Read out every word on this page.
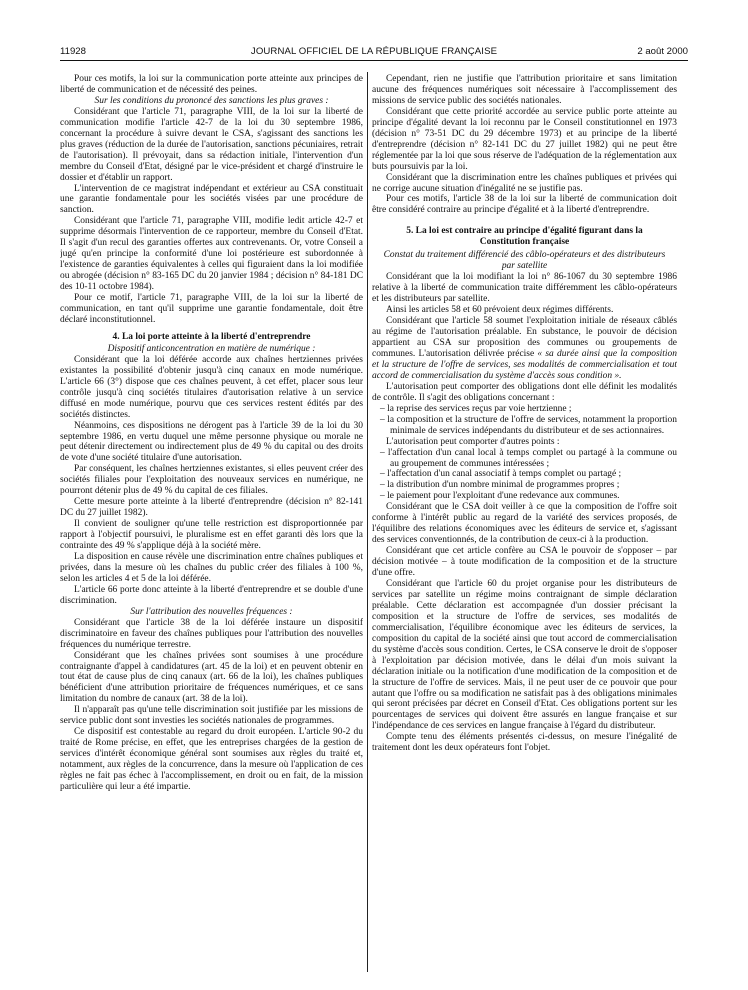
11928	JOURNAL OFFICIEL DE LA RÉPUBLIQUE FRANÇAISE	2 août 2000

Pour ces motifs, la loi sur la communication porte atteinte aux principes de liberté de communication et de nécessité des peines.

Sur les conditions du prononcé des sanctions les plus graves :

Considérant que l'article 71, paragraphe VIII, de la loi sur la liberté de communication modifie l'article 42-7 de la loi du 30 septembre 1986, concernant la procédure à suivre devant le CSA, s'agissant des sanctions les plus graves (réduction de la durée de l'autorisation, sanctions pécuniaires, retrait de l'autorisation). Il prévoyait, dans sa rédaction initiale, l'intervention d'un membre du Conseil d'Etat, désigné par le vice-président et chargé d'instruire le dossier et d'établir un rapport.

L'intervention de ce magistrat indépendant et extérieur au CSA constituait une garantie fondamentale pour les sociétés visées par une procédure de sanction.

Considérant que l'article 71, paragraphe VIII, modifie ledit article 42-7 et supprime désormais l'intervention de ce rapporteur, membre du Conseil d'Etat. Il s'agit d'un recul des garanties offertes aux contrevenants. Or, votre Conseil a jugé qu'en principe la conformité d'une loi postérieure est subordonnée à l'existence de garanties équivalentes à celles qui figuraient dans la loi modifiée ou abrogée (décision n° 83-165 DC du 20 janvier 1984 ; décision n° 84-181 DC des 10-11 octobre 1984).

Pour ce motif, l'article 71, paragraphe VIII, de la loi sur la liberté de communication, en tant qu'il supprime une garantie fondamentale, doit être déclaré inconstitutionnel.

4. La loi porte atteinte à la liberté d'entreprendre

Dispositif anticoncentration en matière de numérique :

Considérant que la loi déférée accorde aux chaînes hertziennes privées existantes la possibilité d'obtenir jusqu'à cinq canaux en mode numérique. L'article 66 (3°) dispose que ces chaînes peuvent, à cet effet, placer sous leur contrôle jusqu'à cinq sociétés titulaires d'autorisation relative à un service diffusé en mode numérique, pourvu que ces services restent édités par des sociétés distinctes.

Néanmoins, ces dispositions ne dérogent pas à l'article 39 de la loi du 30 septembre 1986, en vertu duquel une même personne physique ou morale ne peut détenir directement ou indirectement plus de 49 % du capital ou des droits de vote d'une société titulaire d'une autorisation.

Par conséquent, les chaînes hertziennes existantes, si elles peuvent créer des sociétés filiales pour l'exploitation des nouveaux services en numérique, ne pourront détenir plus de 49 % du capital de ces filiales.

Cette mesure porte atteinte à la liberté d'entreprendre (décision n° 82-141 DC du 27 juillet 1982).

Il convient de souligner qu'une telle restriction est disproportionnée par rapport à l'objectif poursuivi, le pluralisme est en effet garanti dès lors que la contrainte des 49 % s'applique déjà à la société mère.

La disposition en cause révèle une discrimination entre chaînes publiques et privées, dans la mesure où les chaînes du public créer des filiales à 100 %, selon les articles 4 et 5 de la loi déférée.

L'article 66 porte donc atteinte à la liberté d'entreprendre et se double d'une discrimination.

Sur l'attribution des nouvelles fréquences :

Considérant que l'article 38 de la loi déférée instaure un dispositif discriminatoire en faveur des chaînes publiques pour l'attribution des nouvelles fréquences du numérique terrestre.

Considérant que les chaînes privées sont soumises à une procédure contraignante d'appel à candidatures (art. 45 de la loi) et en peuvent obtenir en tout état de cause plus de cinq canaux (art. 66 de la loi), les chaînes publiques bénéficient d'une attribution prioritaire de fréquences numériques, et ce sans limitation du nombre de canaux (art. 38 de la loi).

Il n'apparaît pas qu'une telle discrimination soit justifiée par les missions de service public dont sont investies les sociétés nationales de programmes.

Ce dispositif est contestable au regard du droit européen. L'article 90-2 du traité de Rome précise, en effet, que les entreprises chargées de la gestion de services d'intérêt économique général sont soumises aux règles du traité et, notamment, aux règles de la concurrence, dans la mesure où l'application de ces règles ne fait pas échec à l'accomplissement, en droit ou en fait, de la mission particulière qui leur a été impartie.

Cependant, rien ne justifie que l'attribution prioritaire et sans limitation aucune des fréquences numériques soit nécessaire à l'accomplissement des missions de service public des sociétés nationales.

Considérant que cette priorité accordée au service public porte atteinte au principe d'égalité devant la loi reconnu par le Conseil constitutionnel en 1973 (décision n° 73-51 DC du 29 décembre 1973) et au principe de la liberté d'entreprendre (décision n° 82-141 DC du 27 juillet 1982) qui ne peut être réglementée par la loi que sous réserve de l'adéquation de la réglementation aux buts poursuivis par la loi.

Considérant que la discrimination entre les chaînes publiques et privées qui ne corrige aucune situation d'inégalité ne se justifie pas.

Pour ces motifs, l'article 38 de la loi sur la liberté de communication doit être considéré contraire au principe d'égalité et à la liberté d'entreprendre.

5. La loi est contraire au principe d'égalité figurant dans la Constitution française

Constat du traitement différencié des câblo-opérateurs et des distributeurs par satellite

Considérant que la loi modifiant la loi n° 86-1067 du 30 septembre 1986 relative à la liberté de communication traite différemment les câblo-opérateurs et les distributeurs par satellite.

Ainsi les articles 58 et 60 prévoient deux régimes différents.

Considérant que l'article 58 soumet l'exploitation initiale de réseaux câblés au régime de l'autorisation préalable. En substance, le pouvoir de décision appartient au CSA sur proposition des communes ou groupements de communes. L'autorisation délivrée précise « sa durée ainsi que la composition et la structure de l'offre de services, ses modalités de commercialisation et tout accord de commercialisation du système d'accès sous condition ».

L'autorisation peut comporter des obligations dont elle définit les modalités de contrôle. Il s'agit des obligations concernant :

– la reprise des services reçus par voie hertzienne ;

– la composition et la structure de l'offre de services, notamment la proportion minimale de services indépendants du distributeur et de ses actionnaires.

L'autorisation peut comporter d'autres points :

– l'affectation d'un canal local à temps complet ou partagé à la commune ou au groupement de communes intéressées ;

– l'affectation d'un canal associatif à temps complet ou partagé ;

– la distribution d'un nombre minimal de programmes propres ;

– le paiement pour l'exploitant d'une redevance aux communes.

Considérant que le CSA doit veiller à ce que la composition de l'offre soit conforme à l'intérêt public au regard de la variété des services proposés, de l'équilibre des relations économiques avec les éditeurs de service et, s'agissant des services conventionnés, de la contribution de ceux-ci à la production.

Considérant que cet article confère au CSA le pouvoir de s'opposer – par décision motivée – à toute modification de la composition et de la structure d'une offre.

Considérant que l'article 60 du projet organise pour les distributeurs de services par satellite un régime moins contraignant de simple déclaration préalable. Cette déclaration est accompagnée d'un dossier précisant la composition et la structure de l'offre de services, ses modalités de commercialisation, l'équilibre économique avec les éditeurs de services, la composition du capital de la société ainsi que tout accord de commercialisation du système d'accès sous condition. Certes, le CSA conserve le droit de s'opposer à l'exploitation par décision motivée, dans le délai d'un mois suivant la déclaration initiale ou la notification d'une modification de la composition et de la structure de l'offre de services. Mais, il ne peut user de ce pouvoir que pour autant que l'offre ou sa modification ne satisfait pas à des obligations minimales qui seront précisées par décret en Conseil d'Etat. Ces obligations portent sur les pourcentages de services qui doivent être assurés en langue française et sur l'indépendance de ces services en langue française à l'égard du distributeur.

Compte tenu des éléments présentés ci-dessus, on mesure l'inégalité de traitement dont les deux opérateurs font l'objet.
